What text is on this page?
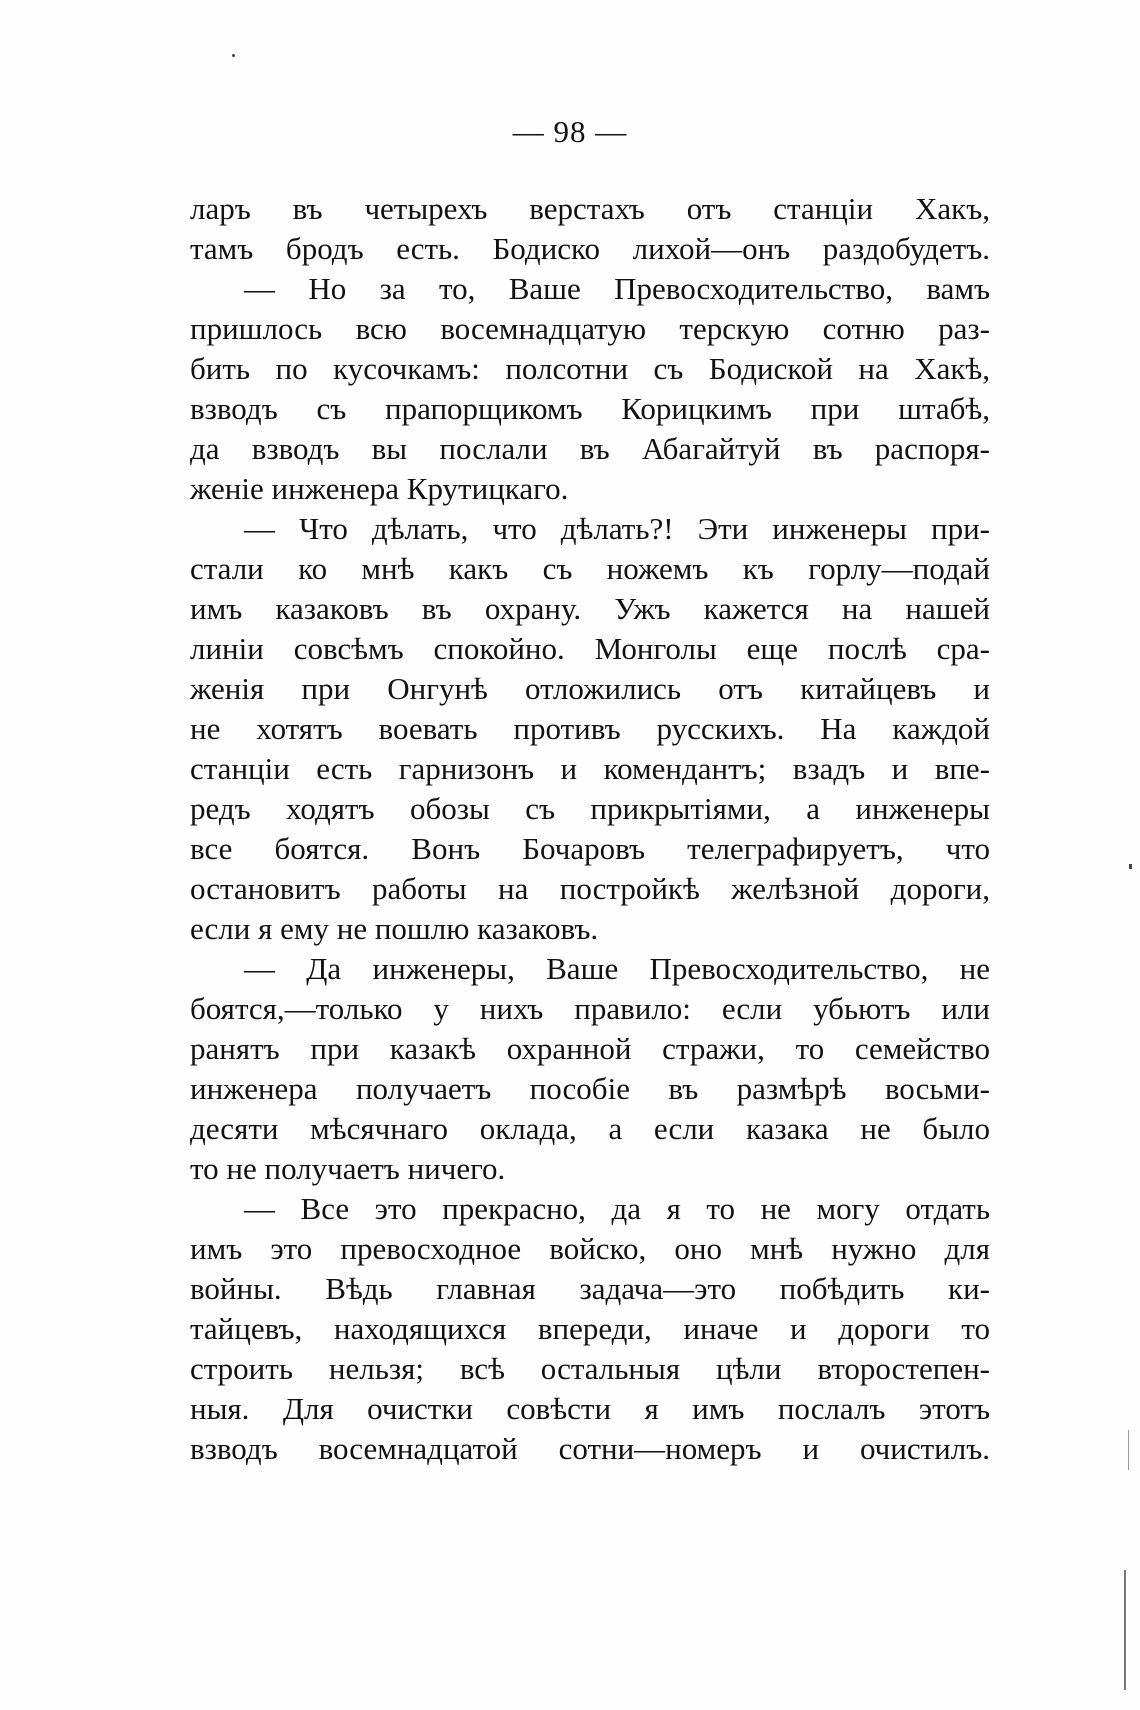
— 98 —
ларъ въ четырехъ верстахъ отъ станціи Хакъ,
тамъ бродъ есть. Бодиско лихой—онъ раздобудетъ.
— Но за то, Ваше Превосходительство, вамъ
пришлось всю восемнадцатую терскую сотню раз-
бить по кусочкамъ: полсотни съ Бодиской на Хакѣ,
взводъ съ прапорщикомъ Корицкимъ при штабѣ,
да взводъ вы послали въ Абагайтуй въ распоря-
женіе инженера Крутицкаго.
— Что дѣлать, что дѣлать?! Эти инженеры при-
стали ко мнѣ какъ съ ножемъ къ горлу—подай
имъ казаковъ въ охрану. Ужъ кажется на нашей
линіи совсѣмъ спокойно. Монголы еще послѣ сра-
женія при Онгунѣ отложились отъ китайцевъ и
не хотятъ воевать противъ русскихъ. На каждой
станціи есть гарнизонъ и комендантъ; взадъ и впе-
редъ ходятъ обозы съ прикрытіями, а инженеры
все боятся. Вонъ Бочаровъ телеграфируетъ, что
остановитъ работы на постройкѣ желѣзной дороги,
если я ему не пошлю казаковъ.
— Да инженеры, Ваше Превосходительство, не
боятся,—только у нихъ правило: если убьютъ или
ранятъ при казакѣ охранной стражи, то семейство
инженера получаетъ пособіе въ размѣрѣ восьми-
десяти мѣсячнаго оклада, а если казака не было
то не получаетъ ничего.
— Все это прекрасно, да я то не могу отдать
имъ это превосходное войско, оно мнѣ нужно для
войны. Вѣдь главная задача—это побѣдить ки-
тайцевъ, находящихся впереди, иначе и дороги то
строить нельзя; всѣ остальныя цѣли второстепен-
ныя. Для очистки совѣсти я имъ послалъ этотъ
взводъ восемнадцатой сотни—номеръ и очистилъ.
